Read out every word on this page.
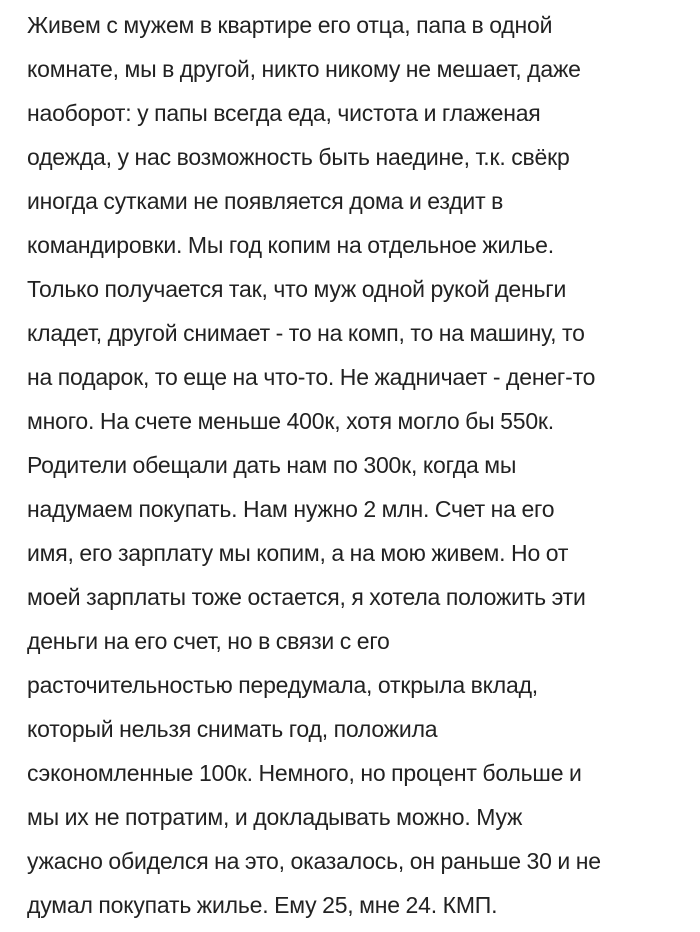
Живем с мужем в квартире его отца, папа в одной
комнате, мы в другой, никто никому не мешает, даже
наоборот: у папы всегда еда, чистота и глаженая
одежда, у нас возможность быть наедине, т.к. свёкр
иногда сутками не появляется дома и ездит в
командировки. Мы год копим на отдельное жилье.
Только получается так, что муж одной рукой деньги
кладет, другой снимает - то на комп, то на машину, то
на подарок, то еще на что-то. Не жадничает - денег-то
много. На счете меньше 400к, хотя могло бы 550к.
Родители обещали дать нам по 300к, когда мы
надумаем покупать. Нам нужно 2 млн. Счет на его
имя, его зарплату мы копим, а на мою живем. Но от
моей зарплаты тоже остается, я хотела положить эти
деньги на его счет, но в связи с его
расточительностью передумала, открыла вклад,
который нельзя снимать год, положила
сэкономленные 100к. Немного, но процент больше и
мы их не потратим, и докладывать можно. Муж
ужасно обиделся на это, оказалось, он раньше 30 и не
думал покупать жилье. Ему 25, мне 24. КМП.
